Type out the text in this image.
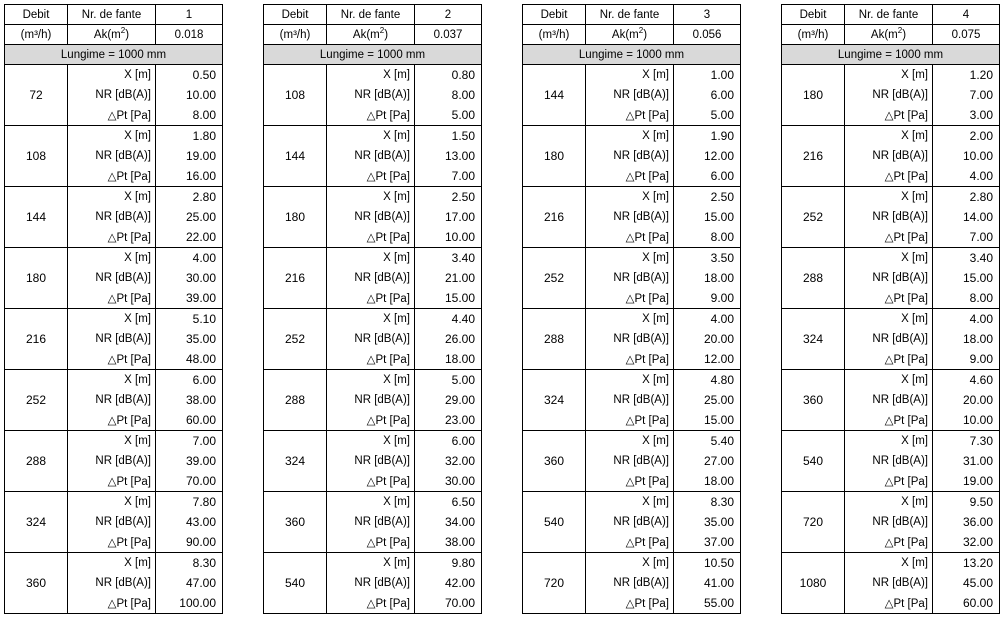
Debit	Nr. de fante	1
(m³/h)	$Ak(m^2)$	0.018
Lungime = 1000 mm		
72	X [m]	0.50
	NR [dB(A)]	10.00
	△Pt [Pa]	8.00
108	X [m]	1.80
	NR [dB(A)]	19.00
	△Pt [Pa]	16.00
144	X [m]	2.80
	NR [dB(A)]	25.00
	△Pt [Pa]	22.00
180	X [m]	4.00
	NR [dB(A)]	30.00
	△Pt [Pa]	39.00
216	X [m]	5.10
	NR [dB(A)]	35.00
	△Pt [Pa]	48.00
252	X [m]	6.00
	NR [dB(A)]	38.00
	△Pt [Pa]	60.00
288	X [m]	7.00
	NR [dB(A)]	39.00
	△Pt [Pa]	70.00
324	X [m]	7.80
	NR [dB(A)]	43.00
	△Pt [Pa]	90.00
360	X [m]	8.30
	NR [dB(A)]	47.00
	△Pt [Pa]	100.00
Debit	Nr. de fante	2
(m³/h)	$Ak(m^2)$	0.037
Lungime = 1000 mm		
108	X [m]	0.80
	NR [dB(A)]	8.00
	△Pt [Pa]	5.00
144	X [m]	1.50
	NR [dB(A)]	13.00
	△Pt [Pa]	7.00
180	X [m]	2.50
	NR [dB(A)]	17.00
	△Pt [Pa]	10.00
216	X [m]	3.40
	NR [dB(A)]	21.00
	△Pt [Pa]	15.00
252	X [m]	4.40
	NR [dB(A)]	26.00
	△Pt [Pa]	18.00
288	X [m]	5.00
	NR [dB(A)]	29.00
	△Pt [Pa]	23.00
324	X [m]	6.00
	NR [dB(A)]	32.00
	△Pt [Pa]	30.00
360	X [m]	6.50
	NR [dB(A)]	34.00
	△Pt [Pa]	38.00
540	X [m]	9.80
	NR [dB(A)]	42.00
	△Pt [Pa]	70.00
Debit	Nr. de fante	3
(m³/h)	$Ak(m^2)$	0.056
Lungime = 1000 mm		
144	X [m]	1.00
	NR [dB(A)]	6.00
	△Pt [Pa]	5.00
180	X [m]	1.90
	NR [dB(A)]	12.00
	△Pt [Pa]	6.00
216	X [m]	2.50
	NR [dB(A)]	15.00
	△Pt [Pa]	8.00
252	X [m]	3.50
	NR [dB(A)]	18.00
	△Pt [Pa]	9.00
288	X [m]	4.00
	NR [dB(A)]	20.00
	△Pt [Pa]	12.00
324	X [m]	4.80
	NR [dB(A)]	25.00
	△Pt [Pa]	15.00
360	X [m]	5.40
	NR [dB(A)]	27.00
	△Pt [Pa]	18.00
540	X [m]	8.30
	NR [dB(A)]	35.00
	△Pt [Pa]	37.00
720	X [m]	10.50
	NR [dB(A)]	41.00
	△Pt [Pa]	55.00
Debit	Nr. de fante	4
(m³/h)	$Ak(m^2)$	0.075
Lungime = 1000 mm		
180	X [m]	1.20
	NR [dB(A)]	7.00
	△Pt [Pa]	3.00
216	X [m]	2.00
	NR [dB(A)]	10.00
	△Pt [Pa]	4.00
252	X [m]	2.80
	NR [dB(A)]	14.00
	△Pt [Pa]	7.00
288	X [m]	3.40
	NR [dB(A)]	15.00
	△Pt [Pa]	8.00
324	X [m]	4.00
	NR [dB(A)]	18.00
	△Pt [Pa]	9.00
360	X [m]	4.60
	NR [dB(A)]	20.00
	△Pt [Pa]	10.00
540	X [m]	7.30
	NR [dB(A)]	31.00
	△Pt [Pa]	19.00
720	X [m]	9.50
	NR [dB(A)]	36.00
	△Pt [Pa]	32.00
1080	X [m]	13.20
	NR [dB(A)]	45.00
	△Pt [Pa]	60.00
